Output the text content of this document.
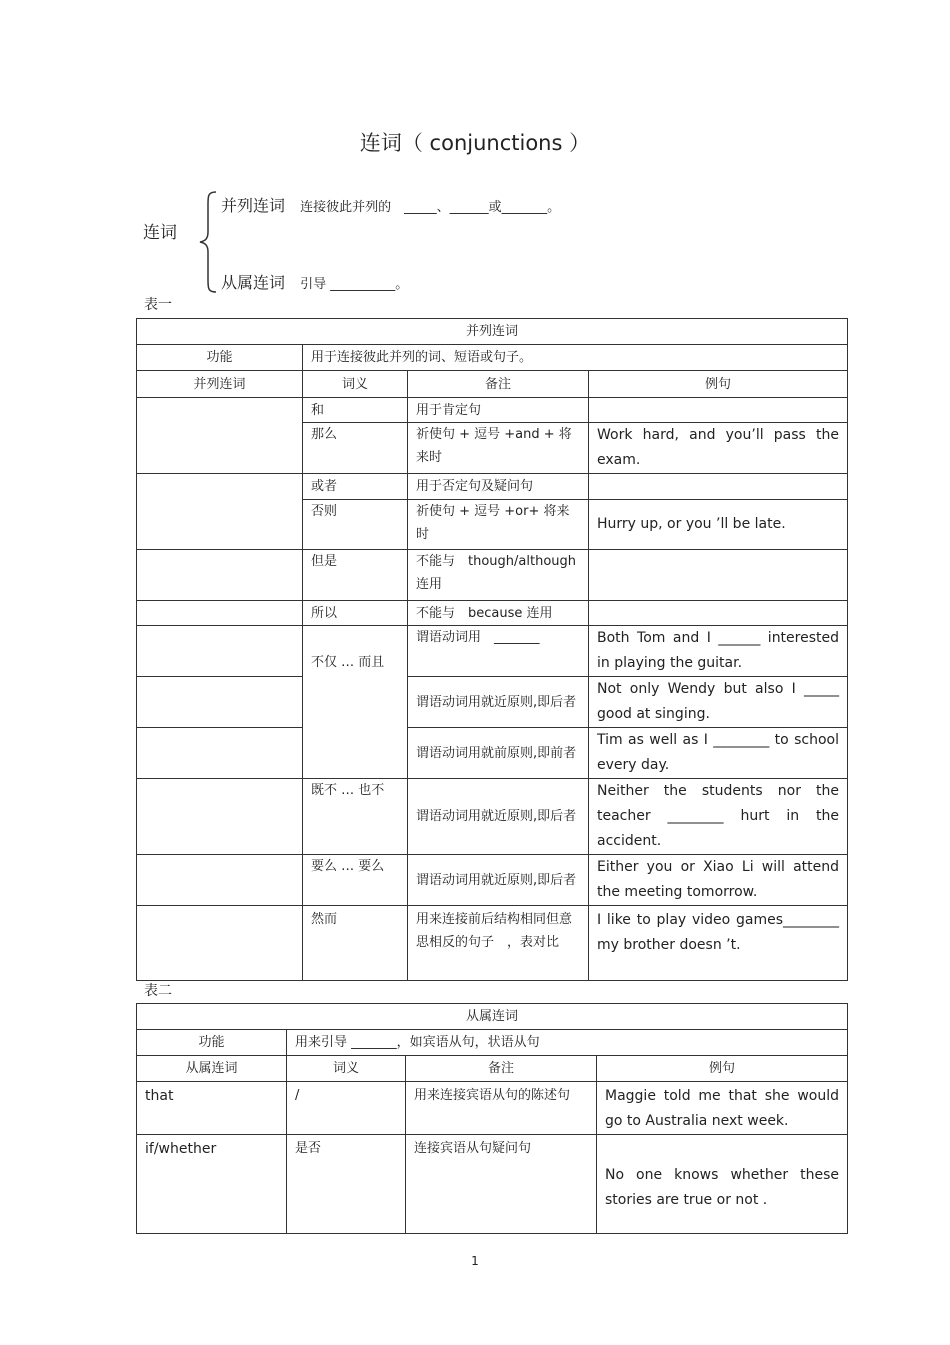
连词（ conjunctions ）
连词
并列连词 连接彼此并列的　_____、______或_______。
从属连词 引导 __________。
表一
并列连词			
功能	用于连接彼此并列的词、短语或句子。		
并列连词	词义	备注	例句
	和	用于肯定句	
	那么	祈使句 + 逗号 +and + 将来时	Work hard, and you’ll pass the exam.
	或者	用于否定句及疑问句	
	否则	祈使句 + 逗号 +or+ 将来时	Hurry up, or you ’ll be late.
	但是	不能与　though/although 连用	
	所以	不能与　because 连用	
	不仅 … 而且	谓语动词用　_______	Both Tom and I ______ interested in playing the guitar.
		谓语动词用就近原则,即后者	Not only Wendy but also I _____ good at singing.
		谓语动词用就前原则,即前者	Tim as well as I ________ to school every day.
	既不 … 也不	谓语动词用就近原则,即后者	Neither the students nor the teacher ________ hurt in the accident.
	要么 … 要么	谓语动词用就近原则,即后者	Either you or Xiao Li will attend the meeting tomorrow.
	然而	用来连接前后结构相同但意思相反的句子　，表对比	I like to play video games________ my brother doesn ’t.
表二
从属连词			
功能	用来引导 _______，如宾语从句，状语从句		
从属连词	词义	备注	例句
that	/	用来连接宾语从句的陈述句	Maggie told me that she would go to Australia next week.
if/whether	是否	连接宾语从句疑问句	No one knows whether these stories are true or not .
1
